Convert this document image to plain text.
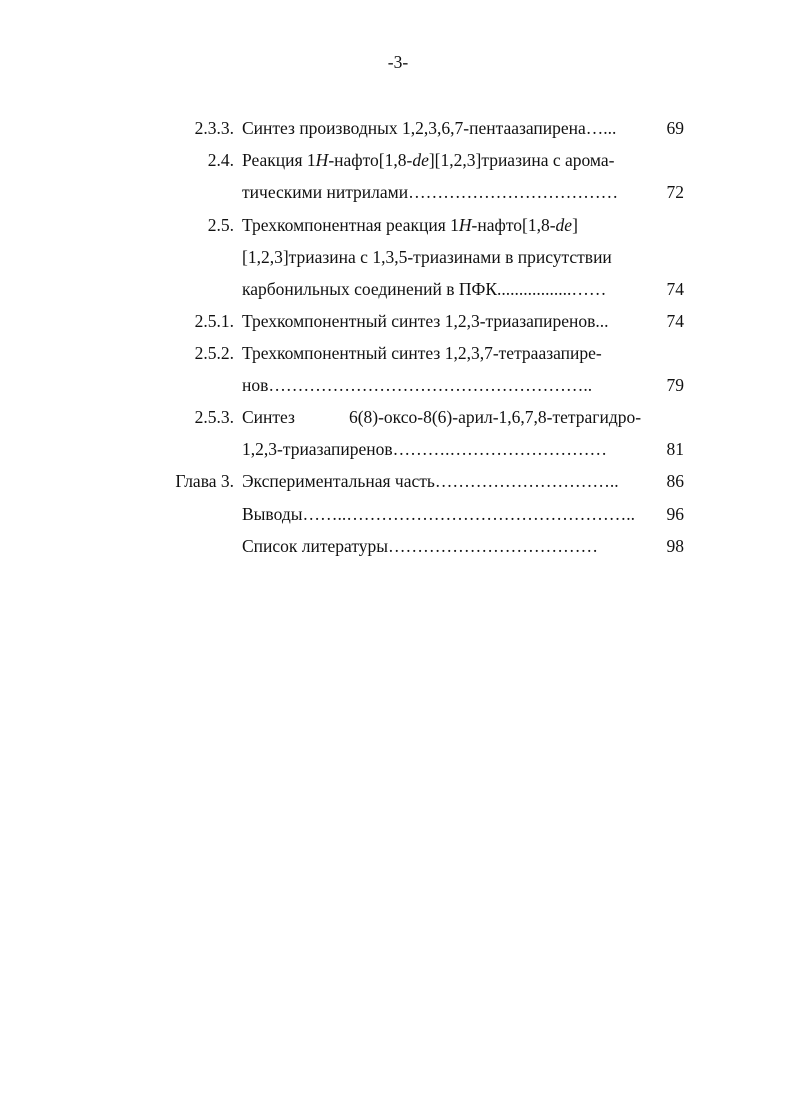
-3-
2.3.3. Синтез производных 1,2,3,6,7-пентаазапирена…...	69
2.4. Реакция 1H-нафто[1,8-de][1,2,3]триазина с арома-
тическими нитрилами………………………………	72
2.5. Трехкомпонентная реакция 1H-нафто[1,8-de]
[1,2,3]триазина с 1,3,5-триазинами в присутствии
карбонильных соединений в ПФК.................……	74
2.5.1. Трехкомпонентный синтез 1,2,3-триазапиренов...	74
2.5.2. Трехкомпонентный синтез 1,2,3,7-тетраазапире-
нов………………………………………………..	79
2.5.3. Синтез	6(8)-оксо-8(6)-арил-1,6,7,8-тетрагидро-
1,2,3-триазапиренов……….………………………	81
Глава 3. Экспериментальная часть…………………………..	86
Выводы……..………………………………………….. 96
Список литературы………………………………	98
